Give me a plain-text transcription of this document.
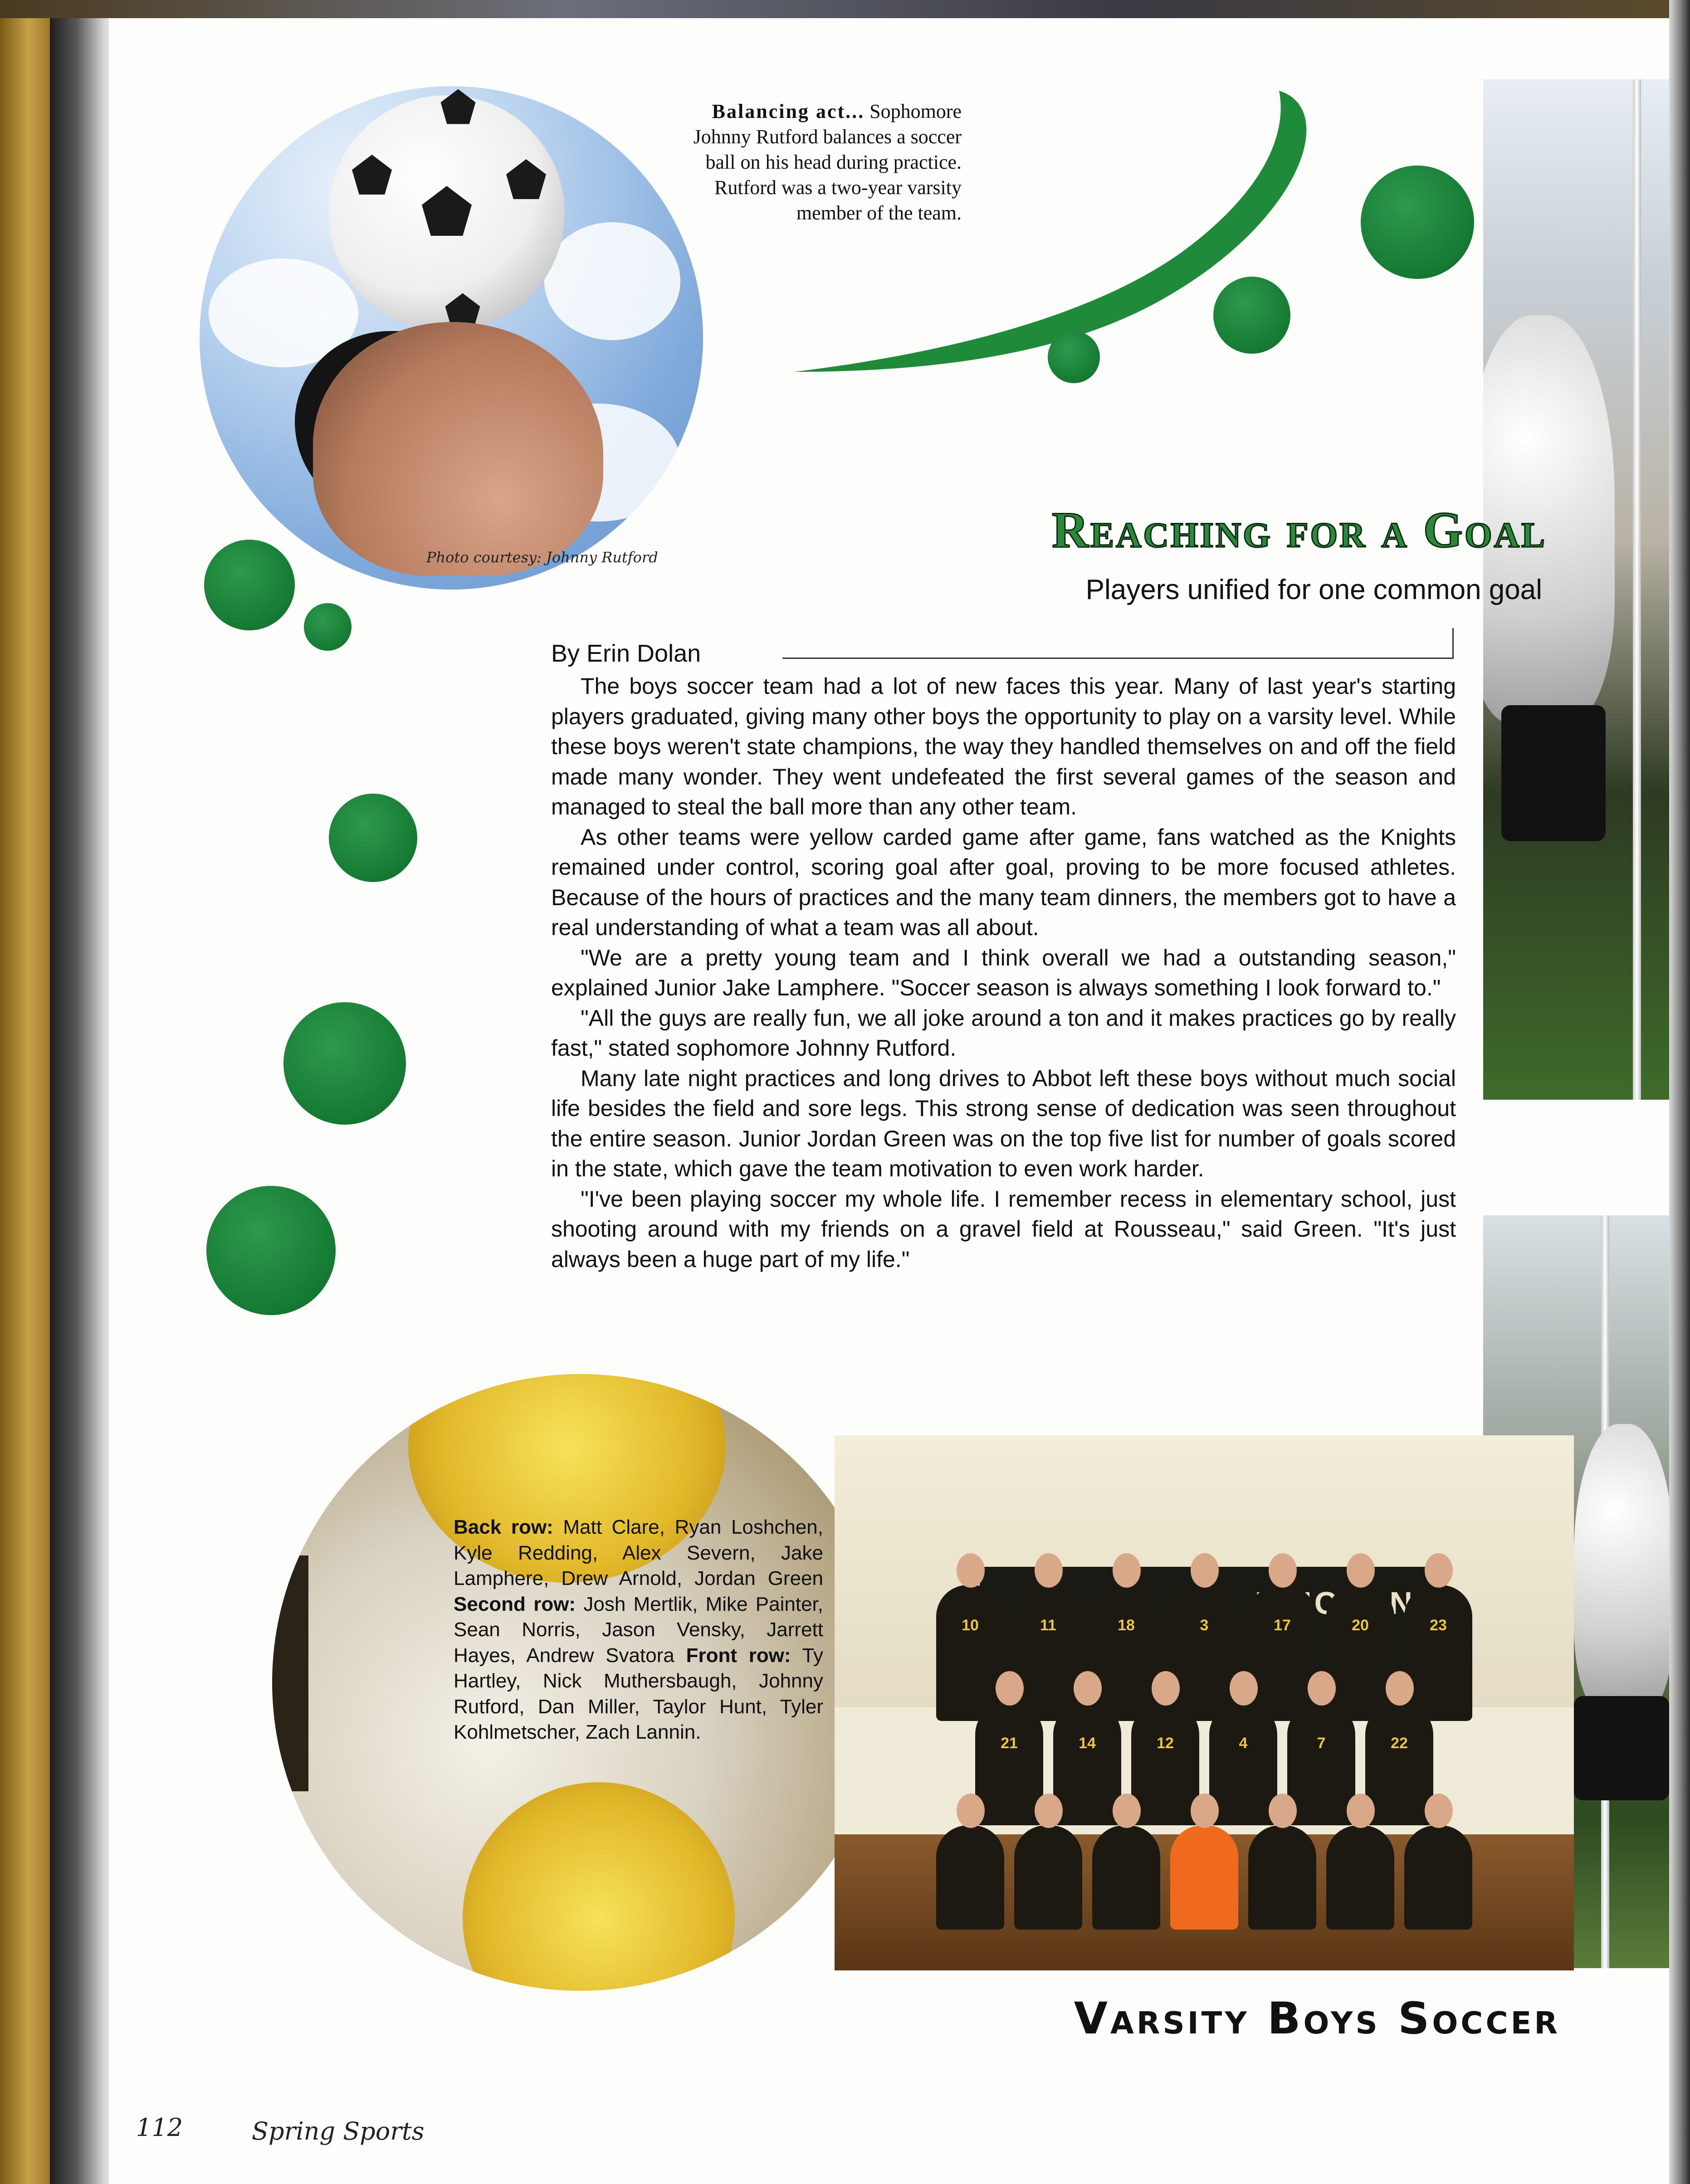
10	11	18	3	17	20	23
21	14	12	4	7	22
Balancing act... Sophomore Johnny Rutford balances a soccer ball on his head during practice. Rutford was a two-year varsity member of the team.
Photo courtesy: Johnny Rutford	Reaching for a Goal
Players unified for one common goal
By Erin Dolan

The boys soccer team had a lot of new faces this year. Many of last year's starting players graduated, giving many other boys the opportunity to play on a varsity level. While these boys weren't state champions, the way they handled themselves on and off the field made many wonder. They went undefeated the first several games of the season and managed to steal the ball more than any other team.

As other teams were yellow carded game after game, fans watched as the Knights remained under control, scoring goal after goal, proving to be more focused athletes. Because of the hours of practices and the many team dinners, the members got to have a real understanding of what a team was all about.

"We are a pretty young team and I think overall we had a outstanding season," explained Junior Jake Lamphere. "Soccer season is always something I look forward to."

"All the guys are really fun, we all joke around a ton and it makes practices go by really fast," stated sophomore Johnny Rutford.

Many late night practices and long drives to Abbot left these boys without much social life besides the field and sore legs. This strong sense of dedication was seen throughout the entire season. Junior Jordan Green was on the top five list for number of goals scored in the state, which gave the team motivation to even work harder.

"I've been playing soccer my whole life. I remember recess in elementary school, just shooting around with my friends on a gravel field at Rousseau," said Green. "It's just always been a huge part of my life."

Back row: Matt Clare, Ryan Loshchen, Kyle Redding, Alex Severn, Jake Lamphere, Drew Arnold, Jordan Green Second row: Josh Mertlik, Mike Painter, Sean Norris, Jason Vensky, Jarrett Hayes, Andrew Svatora Front row: Ty Hartley, Nick Muthersbaugh, Johnny Rutford, Dan Miller, Taylor Hunt, Tyler Kohlmetscher, Zach Lannin.
Varsity Boys Soccer
112	Spring Sports
